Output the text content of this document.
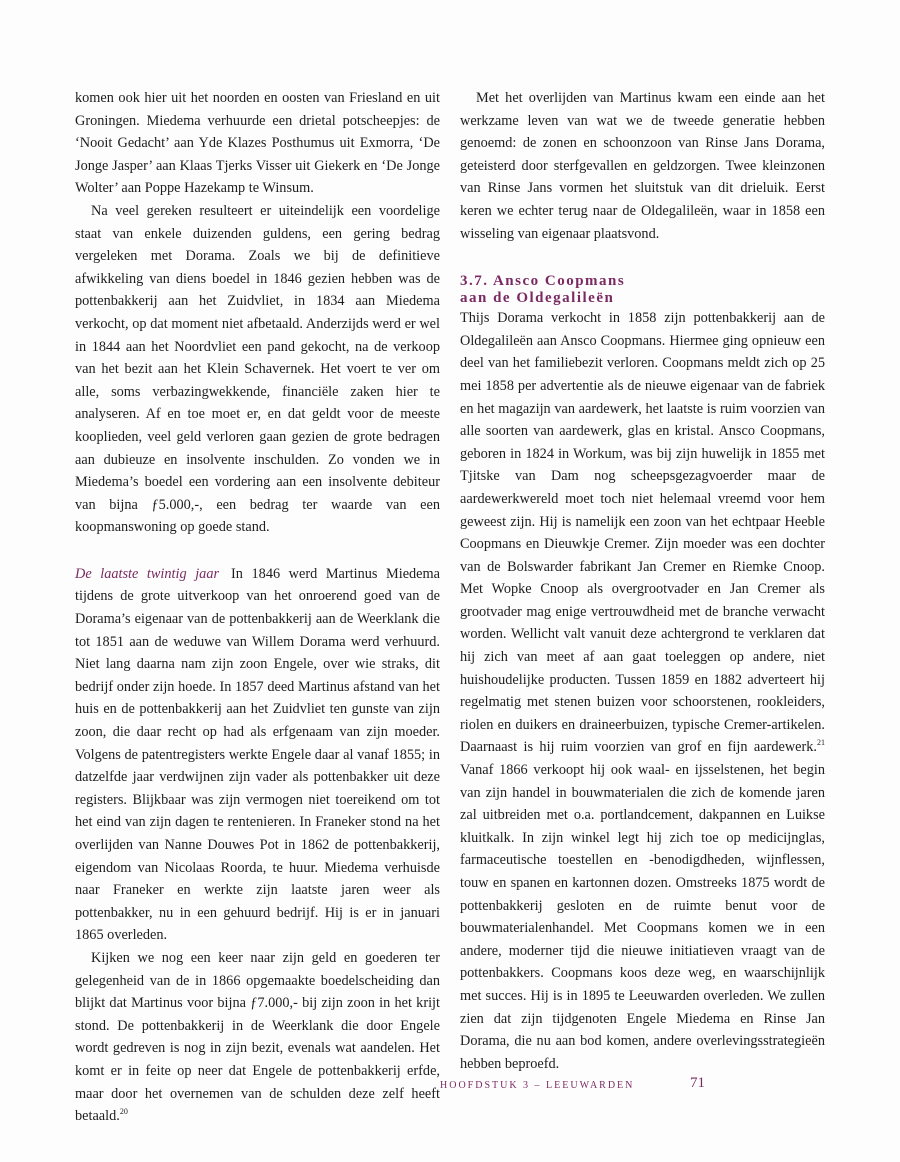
komen ook hier uit het noorden en oosten van Friesland en uit Groningen. Miedema verhuurde een drietal potscheepjes: de ‘Nooit Gedacht’ aan Yde Klazes Posthumus uit Exmorra, ‘De Jonge Jasper’ aan Klaas Tjerks Visser uit Giekerk en ‘De Jonge Wolter’ aan Poppe Hazekamp te Winsum.

Na veel gereken resulteert er uiteindelijk een voordelige staat van enkele duizenden guldens, een gering bedrag vergeleken met Dorama. Zoals we bij de definitieve afwikkeling van diens boedel in 1846 gezien hebben was de pottenbakkerij aan het Zuidvliet, in 1834 aan Miedema verkocht, op dat moment niet afbetaald. Anderzijds werd er wel in 1844 aan het Noordvliet een pand gekocht, na de verkoop van het bezit aan het Klein Schavernek. Het voert te ver om alle, soms verbazingwekkende, financiële zaken hier te analyseren. Af en toe moet er, en dat geldt voor de meeste kooplieden, veel geld verloren gaan gezien de grote bedragen aan dubieuze en insolvente inschulden. Zo vonden we in Miedema’s boedel een vordering aan een insolvente debiteur van bijna ƒ5.000,-, een bedrag ter waarde van een koopmanswoning op goede stand.

De laatste twintig jaar In 1846 werd Martinus Miedema tijdens de grote uitverkoop van het onroerend goed van de Dorama’s eigenaar van de pottenbakkerij aan de Weerklank die tot 1851 aan de weduwe van Willem Dorama werd verhuurd. Niet lang daarna nam zijn zoon Engele, over wie straks, dit bedrijf onder zijn hoede. In 1857 deed Martinus afstand van het huis en de pottenbakkerij aan het Zuidvliet ten gunste van zijn zoon, die daar recht op had als erfgenaam van zijn moeder. Volgens de patentregisters werkte Engele daar al vanaf 1855; in datzelfde jaar verdwijnen zijn vader als pottenbakker uit deze registers. Blijkbaar was zijn vermogen niet toereikend om tot het eind van zijn dagen te rentenieren. In Franeker stond na het overlijden van Nanne Douwes Pot in 1862 de pottenbakkerij, eigendom van Nicolaas Roorda, te huur. Miedema verhuisde naar Franeker en werkte zijn laatste jaren weer als pottenbakker, nu in een gehuurd bedrijf. Hij is er in januari 1865 overleden.

Kijken we nog een keer naar zijn geld en goederen ter gelegenheid van de in 1866 opgemaakte boedelscheiding dan blijkt dat Martinus voor bijna ƒ7.000,- bij zijn zoon in het krijt stond. De pottenbakkerij in de Weerklank die door Engele wordt gedreven is nog in zijn bezit, evenals wat aandelen. Het komt er in feite op neer dat Engele de pottenbakkerij erfde, maar door het overnemen van de schulden deze zelf heeft betaald.$^{20}$

Met het overlijden van Martinus kwam een einde aan het werkzame leven van wat we de tweede generatie hebben genoemd: de zonen en schoonzoon van Rinse Jans Dorama, geteisterd door sterfgevallen en geldzorgen. Twee kleinzonen van Rinse Jans vormen het sluitstuk van dit drieluik. Eerst keren we echter terug naar de Oldegalileën, waar in 1858 een wisseling van eigenaar plaatsvond.

3.7. Ansco Coopmans
aan de Oldegalileën

Thijs Dorama verkocht in 1858 zijn pottenbakkerij aan de Oldegalileën aan Ansco Coopmans. Hiermee ging opnieuw een deel van het familiebezit verloren. Coopmans meldt zich op 25 mei 1858 per advertentie als de nieuwe eigenaar van de fabriek en het magazijn van aardewerk, het laatste is ruim voorzien van alle soorten van aardewerk, glas en kristal. Ansco Coopmans, geboren in 1824 in Workum, was bij zijn huwelijk in 1855 met Tjitske van Dam nog scheepsgezagvoerder maar de aardewerkwereld moet toch niet helemaal vreemd voor hem geweest zijn. Hij is namelijk een zoon van het echtpaar Heeble Coopmans en Dieuwkje Cremer. Zijn moeder was een dochter van de Bolswarder fabrikant Jan Cremer en Riemke Cnoop. Met Wopke Cnoop als overgrootvader en Jan Cremer als grootvader mag enige vertrouwdheid met de branche verwacht worden. Wellicht valt vanuit deze achtergrond te verklaren dat hij zich van meet af aan gaat toeleggen op andere, niet huishoudelijke producten. Tussen 1859 en 1882 adverteert hij regelmatig met stenen buizen voor schoorstenen, rookleiders, riolen en duikers en draineerbuizen, typische Cremer-artikelen. Daarnaast is hij ruim voorzien van grof en fijn aardewerk.$^{21}$ Vanaf 1866 verkoopt hij ook waal- en ijsselstenen, het begin van zijn handel in bouwmaterialen die zich de komende jaren zal uitbreiden met o.a. portlandcement, dakpannen en Luikse kluitkalk. In zijn winkel legt hij zich toe op medicijnglas, farmaceutische toestellen en -benodigdheden, wijnflessen, touw en spanen en kartonnen dozen. Omstreeks 1875 wordt de pottenbakkerij gesloten en de ruimte benut voor de bouwmaterialenhandel. Met Coopmans komen we in een andere, moderner tijd die nieuwe initiatieven vraagt van de pottenbakkers. Coopmans koos deze weg, en waarschijnlijk met succes. Hij is in 1895 te Leeuwarden overleden. We zullen zien dat zijn tijdgenoten Engele Miedema en Rinse Jan Dorama, die nu aan bod komen, andere overlevingsstrategieën hebben beproefd.

HOOFDSTUK 3 – LEEUWARDEN	71
